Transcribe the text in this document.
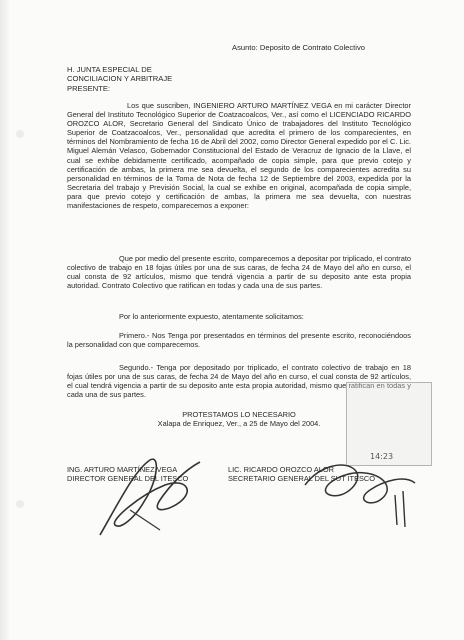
Asunto: Deposito de Contrato Colectivo
H. JUNTA ESPECIAL DE
CONCILIACION Y ARBITRAJE
PRESENTE:
Los que suscriben, INGENIERO ARTURO MARTÍNEZ VEGA en mi carácter Director General del Instituto Tecnológico Superior de Coatzacoalcos, Ver., así como el LICENCIADO RICARDO OROZCO ALOR, Secretario General del Sindicato Único de trabajadores del Instituto Tecnológico Superior de Coatzacoalcos, Ver., personalidad que acredita el primero de los comparecientes, en términos del Nombramiento de fecha 16 de Abril del 2002, como Director General expedido por el C. Lic. Miguel Alemán Velasco, Gobernador Constitucional del Estado de Veracruz de Ignacio de la Llave, el cual se exhibe debidamente certificado, acompañado de copia simple, para que previo cotejo y certificación de ambas, la primera me sea devuelta, el segundo de los comparecientes acredita su personalidad en términos de la Toma de Nota de fecha 12 de Septiembre del 2003, expedida por la Secretaria del trabajo y Previsión Social, la cual se exhibe en original, acompañada de copia simple, para que previo cotejo y certificación de ambas, la primera me sea devuelta, con nuestras manifestaciones de respeto, comparecemos a exponer:
Que por medio del presente escrito, comparecemos a depositar por triplicado, el contrato colectivo de trabajo en 18 fojas útiles por una de sus caras, de fecha 24 de Mayo del año en curso, el cual consta de 92 artículos, mismo que tendrá vigencia a partir de su deposito ante esta propia autoridad. Contrato Colectivo que ratifican en todas y cada una de sus partes.
Por lo anteriormente expuesto, atentamente solicitamos:
Primero.- Nos Tenga por presentados en términos del presente escrito, reconociéndoos la personalidad con que comparecemos.
Segundo.- Tenga por depositado por triplicado, el contrato colectivo de trabajo en 18 fojas útiles por una de sus caras, de fecha 24 de Mayo del año en curso, el cual consta de 92 artículos, el cual tendrá vigencia a partir de su deposito ante esta propia autoridad, mismo que ratifican en todas y cada una de sus partes.
PROTESTAMOS LO NECESARIO
Xalapa de Enriquez, Ver., a 25 de Mayo del 2004.
14:23
ING. ARTURO MARTÍNEZ VEGA
DIRECTOR GENERAL DEL ITESCO
LIC. RICARDO OROZCO ALOR
SECRETARIO GENERAL DEL SUT ITESCO
